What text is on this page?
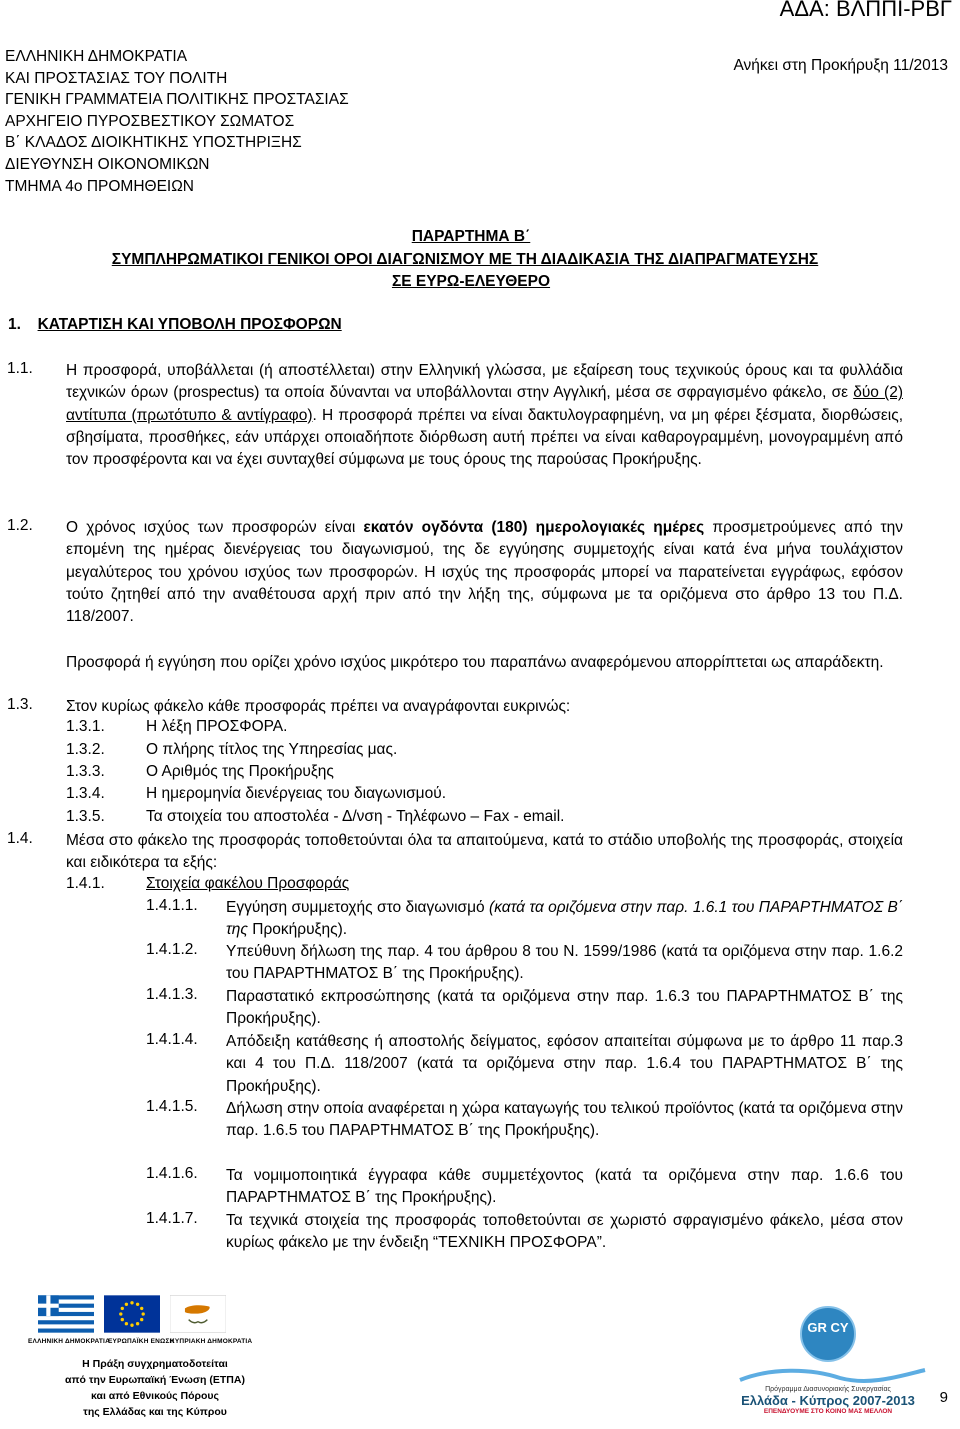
ΑΔΑ: ΒΛΠΠΙ-ΡΒΓ
ΕΛΛΗΝΙΚΗ ΔΗΜΟΚΡΑΤΙΑ
ΚΑΙ ΠΡΟΣΤΑΣΙΑΣ ΤΟΥ ΠΟΛΙΤΗ
ΓΕΝΙΚΗ ΓΡΑΜΜΑΤΕΙΑ ΠΟΛΙΤΙΚΗΣ ΠΡΟΣΤΑΣΙΑΣ
ΑΡΧΗΓΕΙΟ ΠΥΡΟΣΒΕΣΤΙΚΟΥ ΣΩΜΑΤΟΣ
Β΄ ΚΛΑΔΟΣ ΔΙΟΙΚΗΤΙΚΗΣ ΥΠΟΣΤΗΡΙΞΗΣ
ΔΙΕΥΘΥΝΣΗ ΟΙΚΟΝΟΜΙΚΩΝ
ΤΜΗΜΑ 4ο ΠΡΟΜΗΘΕΙΩΝ
Ανήκει στη Προκήρυξη 11/2013
ΠΑΡΑΡΤΗΜΑ Β΄
ΣΥΜΠΛΗΡΩΜΑΤΙΚΟΙ ΓΕΝΙΚΟΙ ΟΡΟΙ ΔΙΑΓΩΝΙΣΜΟΥ ΜΕ ΤΗ ΔΙΑΔΙΚΑΣΙΑ ΤΗΣ ΔΙΑΠΡΑΓΜΑΤΕΥΣΗΣ
ΣΕ ΕΥΡΩ-ΕΛΕΥΘΕΡΟ
1. ΚΑΤΑΡΤΙΣΗ ΚΑΙ ΥΠΟΒΟΛΗ ΠΡΟΣΦΟΡΩΝ
1.1. Η προσφορά, υποβάλλεται (ή αποστέλλεται) στην Ελληνική γλώσσα, με εξαίρεση τους τεχνικούς όρους και τα φυλλάδια τεχνικών όρων (prospectus) τα οποία δύνανται να υποβάλλονται στην Αγγλική, μέσα σε σφραγισμένο φάκελο, σε δύο (2) αντίτυπα (πρωτότυπο & αντίγραφο). Η προσφορά πρέπει να είναι δακτυλογραφημένη, να μη φέρει ξέσματα, διορθώσεις, σβησίματα, προσθήκες, εάν υπάρχει οποιαδήποτε διόρθωση αυτή πρέπει να είναι καθαρογραμμένη, μονογραμμένη από τον προσφέροντα και να έχει συνταχθεί σύμφωνα με τους όρους της παρούσας Προκήρυξης.
1.2. Ο χρόνος ισχύος των προσφορών είναι εκατόν ογδόντα (180) ημερολογιακές ημέρες προσμετρούμενες από την επομένη της ημέρας διενέργειας του διαγωνισμού, της δε εγγύησης συμμετοχής είναι κατά ένα μήνα τουλάχιστον μεγαλύτερος του χρόνου ισχύος των προσφορών. Η ισχύς της προσφοράς μπορεί να παρατείνεται εγγράφως, εφόσον τούτο ζητηθεί από την αναθέτουσα αρχή πριν από την λήξη της, σύμφωνα με τα οριζόμενα στο άρθρο 13 του Π.Δ. 118/2007.
Προσφορά ή εγγύηση που ορίζει χρόνο ισχύος μικρότερο του παραπάνω αναφερόμενου απορρίπτεται ως απαράδεκτη.
1.3. Στον κυρίως φάκελο κάθε προσφοράς πρέπει να αναγράφονται ευκρινώς:
1.3.1.	Η λέξη ΠΡΟΣΦΟΡΑ.
1.3.2.	Ο πλήρης τίτλος της Υπηρεσίας μας.
1.3.3.	Ο Αριθμός της Προκήρυξης
1.3.4.	Η ημερομηνία διενέργειας του διαγωνισμού.
1.3.5.	Τα στοιχεία του αποστολέα - Δ/νση - Τηλέφωνο – Fax - email.
1.4. Μέσα στο φάκελο της προσφοράς τοποθετούνται όλα τα απαιτούμενα, κατά το στάδιο υποβολής της προσφοράς, στοιχεία και ειδικότερα τα εξής:
1.4.1.	Στοιχεία φακέλου Προσφοράς
1.4.1.1. Εγγύηση συμμετοχής στο διαγωνισμό (κατά τα οριζόμενα στην παρ. 1.6.1 του ΠΑΡΑΡΤΗΜΑΤΟΣ Β΄ της Προκήρυξης).
1.4.1.2. Υπεύθυνη δήλωση της παρ. 4 του άρθρου 8 του Ν. 1599/1986 (κατά τα οριζόμενα στην παρ. 1.6.2 του ΠΑΡΑΡΤΗΜΑΤΟΣ Β΄ της Προκήρυξης).
1.4.1.3. Παραστατικό εκπροσώπησης (κατά τα οριζόμενα στην παρ. 1.6.3 του ΠΑΡΑΡΤΗΜΑΤΟΣ Β΄ της Προκήρυξης).
1.4.1.4. Απόδειξη κατάθεσης ή αποστολής δείγματος, εφόσον απαιτείται σύμφωνα με το άρθρο 11 παρ.3 και 4 του Π.Δ. 118/2007 (κατά τα οριζόμενα στην παρ. 1.6.4 του ΠΑΡΑΡΤΗΜΑΤΟΣ Β΄ της Προκήρυξης).
1.4.1.5. Δήλωση στην οποία αναφέρεται η χώρα καταγωγής του τελικού προϊόντος (κατά τα οριζόμενα στην παρ. 1.6.5 του ΠΑΡΑΡΤΗΜΑΤΟΣ Β΄ της Προκήρυξης).
1.4.1.6. Τα νομιμοποιητικά έγγραφα κάθε συμμετέχοντος (κατά τα οριζόμενα στην παρ. 1.6.6 του ΠΑΡΑΡΤΗΜΑΤΟΣ Β΄ της Προκήρυξης).
1.4.1.7. Τα τεχνικά στοιχεία της προσφοράς τοποθετούνται σε χωριστό σφραγισμένο φάκελο, μέσα στον κυρίως φάκελο με την ένδειξη “ΤΕΧΝΙΚΗ ΠΡΟΣΦΟΡΑ”.
ΕΛΛΗΝΙΚΗ ΔΗΜΟΚΡΑΤΙΑ
ΕΥΡΩΠΑΪΚΗ ΕΝΩΣΗ
ΚΥΠΡΙΑΚΗ ΔΗΜΟΚΡΑΤΙΑ
Η Πράξη συγχρηματοδοτείται
από την Ευρωπαϊκή Ένωση (ΕΤΠΑ)
και από Εθνικούς Πόρους
της Ελλάδας και της Κύπρου
GR CY
Πρόγραμμα Διασυνοριακής Συνεργασίας
Ελλάδα - Κύπρος 2007-2013
ΕΠΕΝΔΥΟΥΜΕ ΣΤΟ ΚΟΙΝΟ ΜΑΣ ΜΕΛΛΟΝ
9
